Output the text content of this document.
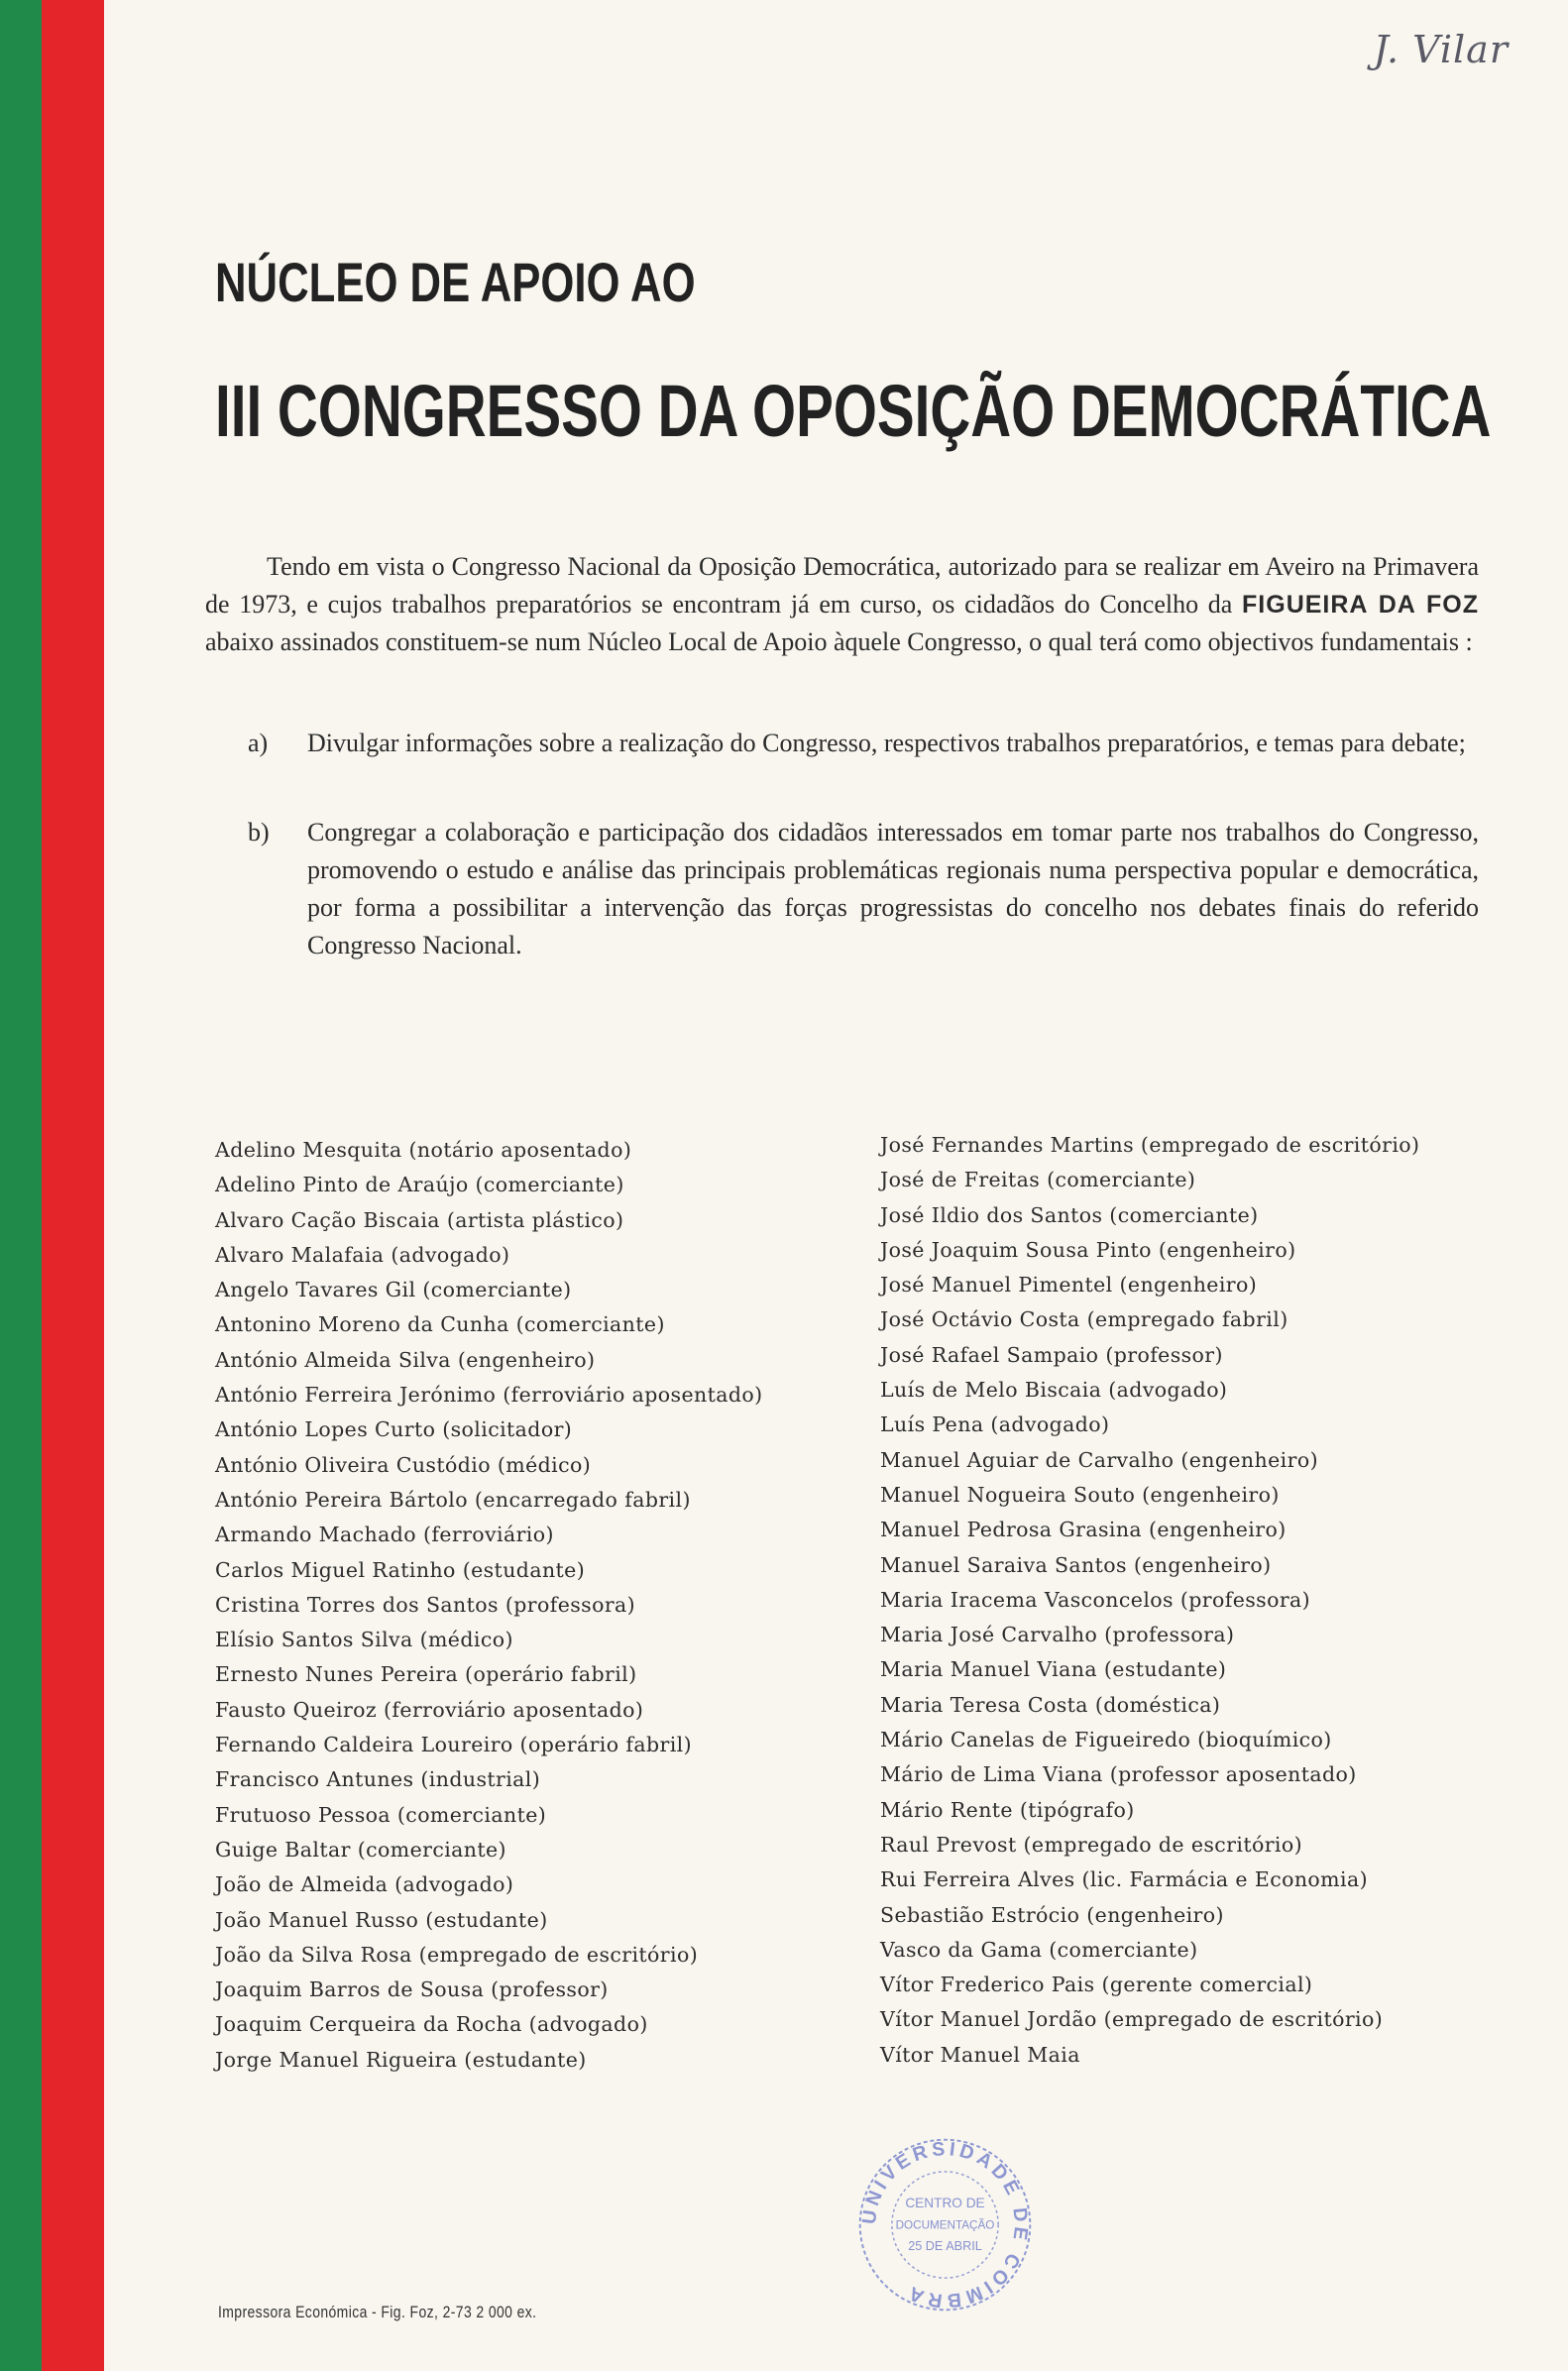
J. Vilar
NÚCLEO DE APOIO AO
III CONGRESSO DA OPOSIÇÃO DEMOCRÁTICA

Tendo em vista o Congresso Nacional da Oposição Democrática, autorizado para se realizar em Aveiro na Primavera de 1973, e cujos trabalhos preparatórios se encontram já em curso, os cidadãos do Concelho da FIGUEIRA DA FOZ abaixo assinados constituem-se num Núcleo Local de Apoio àquele Congresso, o qual terá como objectivos fundamentais :

a)	Divulgar informações sobre a realização do Congresso, respectivos trabalhos preparatórios, e temas para debate;
b)	Congregar a colaboração e participação dos cidadãos interessados em tomar parte nos trabalhos do Congresso, promovendo o estudo e análise das principais problemáticas regionais numa perspectiva popular e democrática, por forma a possibilitar a intervenção das forças progressistas do concelho nos debates finais do referido Congresso Nacional.
Adelino Mesquita (notário aposentado)
Adelino Pinto de Araújo (comerciante)
Alvaro Cação Biscaia (artista plástico)
Alvaro Malafaia (advogado)
Angelo Tavares Gil (comerciante)
Antonino Moreno da Cunha (comerciante)
António Almeida Silva (engenheiro)
António Ferreira Jerónimo (ferroviário aposentado)
António Lopes Curto (solicitador)
António Oliveira Custódio (médico)
António Pereira Bártolo (encarregado fabril)
Armando Machado (ferroviário)
Carlos Miguel Ratinho (estudante)
Cristina Torres dos Santos (professora)
Elísio Santos Silva (médico)
Ernesto Nunes Pereira (operário fabril)
Fausto Queiroz (ferroviário aposentado)
Fernando Caldeira Loureiro (operário fabril)
Francisco Antunes (industrial)
Frutuoso Pessoa (comerciante)
Guige Baltar (comerciante)
João de Almeida (advogado)
João Manuel Russo (estudante)
João da Silva Rosa (empregado de escritório)
Joaquim Barros de Sousa (professor)
Joaquim Cerqueira da Rocha (advogado)
Jorge Manuel Rigueira (estudante)
José Fernandes Martins (empregado de escritório)
José de Freitas (comerciante)
José Ildio dos Santos (comerciante)
José Joaquim Sousa Pinto (engenheiro)
José Manuel Pimentel (engenheiro)
José Octávio Costa (empregado fabril)
José Rafael Sampaio (professor)
Luís de Melo Biscaia (advogado)
Luís Pena (advogado)
Manuel Aguiar de Carvalho (engenheiro)
Manuel Nogueira Souto (engenheiro)
Manuel Pedrosa Grasina (engenheiro)
Manuel Saraiva Santos (engenheiro)
Maria Iracema Vasconcelos (professora)
Maria José Carvalho (professora)
Maria Manuel Viana (estudante)
Maria Teresa Costa (doméstica)
Mário Canelas de Figueiredo (bioquímico)
Mário de Lima Viana (professor aposentado)
Mário Rente (tipógrafo)
Raul Prevost (empregado de escritório)
Rui Ferreira Alves (lic. Farmácia e Economia)
Sebastião Estrócio (engenheiro)
Vasco da Gama (comerciante)
Vítor Frederico Pais (gerente comercial)
Vítor Manuel Jordão (empregado de escritório)
Vítor Manuel Maia
UNIVERSIDADE DE COIMBRA
CENTRO DE
DOCUMENTAÇÃO
25 DE ABRIL

Impressora Económica - Fig. Foz, 2-73 2 000 ex.
